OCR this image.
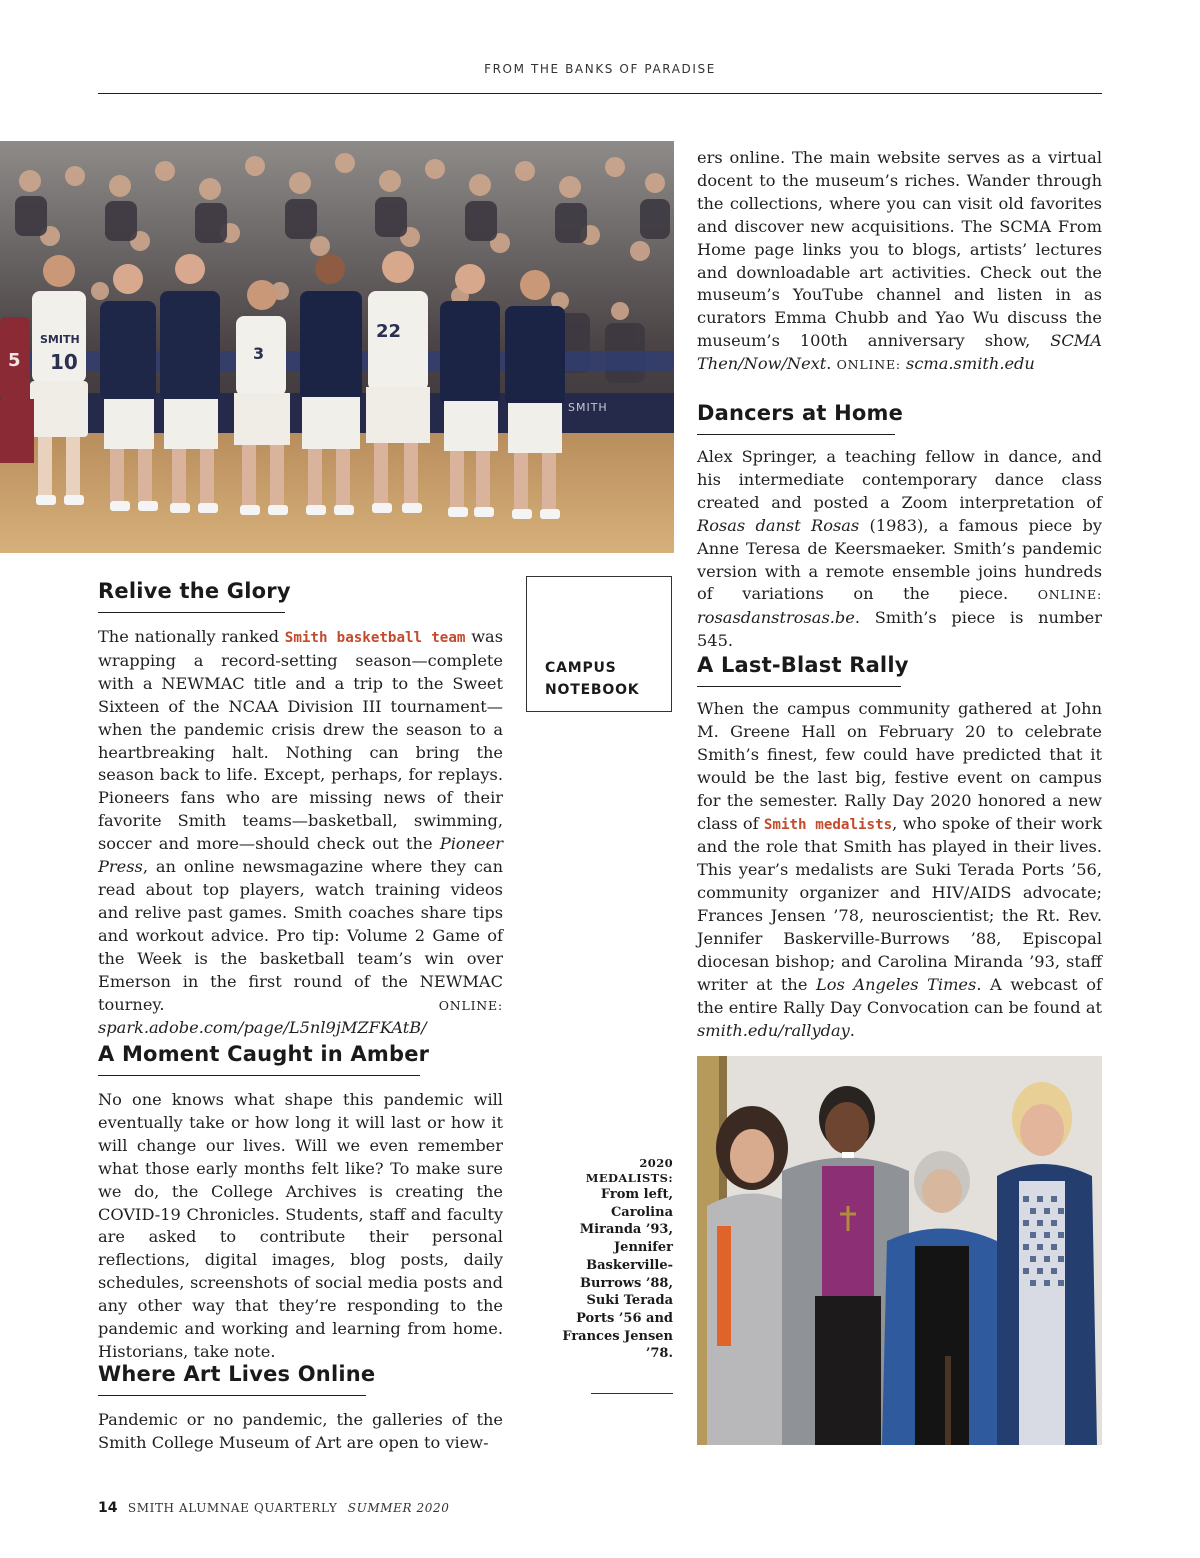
FROM THE BANKS OF PARADISE
SMITH
SMITH
10
5	3
22
Relive the Glory

The nationally ranked Smith basketball team was wrapping a record-setting season—complete with a NEWMAC title and a trip to the Sweet Sixteen of the NCAA Division III tournament—when the pandemic crisis drew the season to a heartbreaking halt. Nothing can bring the season back to life. Except, perhaps, for replays. Pioneers fans who are missing news of their favorite Smith teams—basketball, swimming, soccer and more—should check out the Pioneer Press, an online newsmagazine where they can read about top players, watch training videos and relive past games. Smith coaches share tips and workout advice. Pro tip: Volume 2 Game of the Week is the basketball team’s win over Emerson in the first round of the NEWMAC tourney. ONLINE: spark.adobe.com/page/L5nl9jMZFKAtB/

A Moment Caught in Amber

No one knows what shape this pandemic will eventually take or how long it will last or how it will change our lives. Will we even remember what those early months felt like? To make sure we do, the College Archives is creating the COVID-19 Chronicles. Students, staff and faculty are asked to contribute their personal reflections, digital images, blog posts, daily schedules, screenshots of social media posts and any other way that they’re responding to the pandemic and working and learning from home. Historians, take note.

Where Art Lives Online

Pandemic or no pandemic, the galleries of the Smith College Museum of Art are open to view-

CAMPUS
NOTEBOOK
2020 MEDALISTS:
From left, Carolina Miranda ’93, Jennifer Baskerville-Burrows ’88, Suki Terada Ports ’56 and Frances Jensen ’78.

ers online. The main website serves as a virtual docent to the museum’s riches. Wander through the collections, where you can visit old favorites and discover new acquisitions. The SCMA From Home page links you to blogs, artists’ lectures and downloadable art activities. Check out the museum’s YouTube channel and listen in as curators Emma Chubb and Yao Wu discuss the museum’s 100th anniversary show, SCMA Then/Now/Next. ONLINE: scma.smith.edu

Dancers at Home

Alex Springer, a teaching fellow in dance, and his intermediate contemporary dance class created and posted a Zoom interpretation of Rosas danst Rosas (1983), a famous piece by Anne Teresa de Keersmaeker. Smith’s pandemic version with a remote ensemble joins hundreds of variations on the piece. ONLINE: rosasdanstrosas.be. Smith’s piece is number 545.

A Last-Blast Rally

When the campus community gathered at John M. Greene Hall on February 20 to celebrate Smith’s finest, few could have predicted that it would be the last big, festive event on campus for the semester. Rally Day 2020 honored a new class of Smith medalists, who spoke of their work and the role that Smith has played in their lives. This year’s medalists are Suki Terada Ports ’56, community organizer and HIV/AIDS advocate; Frances Jensen ’78, neuroscientist; the Rt. Rev. Jennifer Baskerville-Burrows ’88, Episcopal diocesan bishop; and Carolina Miranda ’93, staff writer at the Los Angeles Times. A webcast of the entire Rally Day Convocation can be found at smith.edu/rallyday.

14 SMITH ALUMNAE QUARTERLY SUMMER 2020
